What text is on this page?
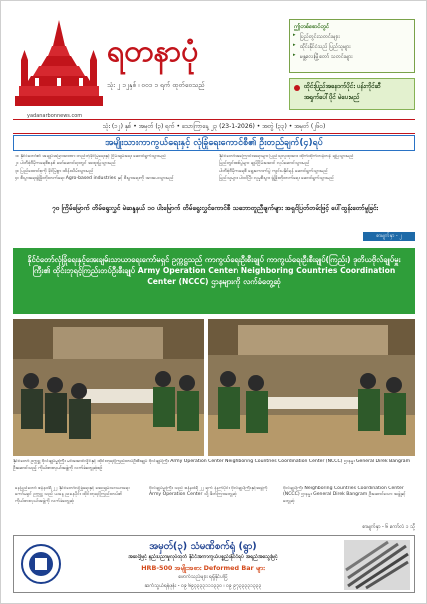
ရတနာပုံ
သုံး ၂ ၁၂နှစ် ၊ ၀၀၁ ၁ ရက် ထုတ်ဝေသည်
yadanarbonnews.com
ဤတစ်စောင်တွင်
▸ ပြည်တွင်းသတင်းများ
▸ ထိုင်းနိုင်ငံသည် ပြည်သူများ
▸ မန္တလေးမြို့တော် သတင်းများ
ထိုင်းပြည်အနောက်ပိုင်း ပန်းကိုင်ဆီ
အရှက်ပေါ်ပိုင် မဲပေးမည်
သုံး (၁၂) နှစ် • အမှတ် (၃) ရက် • သောကြာနေ့ ၂၃ (23-1-2026) • အတွဲ (၃၃) • အမှတ် (၂၆၀)
အမျိုးသားကာကွယ်ရေးနှင့် လုံခြုံရေးကောင်စီ၏ ဦးတည်ချက်(၄)ရပ်

၁။ နိုင်ငံတော်၏ အချုပ်အခြာအာဏာ တည်တံ့ခိုင်မြဲရေးနှင့် ငြိမ်းချမ်းရေး ဆောင်ရွက်သွားမည်

၂။ ပါတီစုံဒီမိုကရေစီစနစ် ဖော်ဆောင်ရာတွင် အထူးပြုသွားမည်

၃။ ပြည်ထောင်စုကို ခိုင်မြဲစွာ ထိန်းသိမ်းသွားမည်

၄။ စီးပွားရေးဖွံ့ဖြိုးတိုးတက်ရေး Agro-based industries နှင့် စီးပွားရေးကို အားပေးသွားမည်

နိုင်ငံတော်အကြောင်းအရာများ ပြည်သူလူထုအား ထိုက်ထိုက်တန်တန် ချပြသွားမည်

ပြည်တွင်းစစ်ပွဲများ ချုပ်ငြိမ်းအောင် လုပ်ဆောင်သွားမည်

ပါတီစုံဒီမိုကရေစီ ရွေးကောက်ပွဲ ကျင်းပနိုင်ရန် ဆောင်ရွက်သွားမည်

ပြည်သူများ ပါဝင်ပြီး လူမှုစီးပွား ဖွံ့ဖြိုးတိုးတက်ရေး ဆောင်ရွက်သွားမည်

၇၀ ကြိမ်မြောက် တိမ်ရွေးလွှင် မဲဆန္ဒနယ် ၁၀ ပါးမြောက် တိမ်ရွေးလွှင်ကောင်စီ သဘောတူညီချက်များ အရှင်ပြတ်တမ်းဖြင့် ပေါ်ထွန်းတော်မူခြင်း
စာမျက်နှာ - ၂
နိုင်ငံတော်လုံခြုံရေးနှင့်အေးချမ်းသာယာရေးကော်မရှင် ဥက္ကဋ္ဌသည် ကာကွယ်ရေးဦးစီးချုပ် ကာကွယ်ရေးဦးစီးချုပ်(ကြည်း) ဒုတိယဗိုလ်ချုပ်မှူးကြီး၏ ထိုင်းဘုရင့်ကြည်းတပ်ဦးစီးချုပ် Army Operation Center၊ Neighboring Countries Coordination Center (NCCC) ဌာနများကို လက်ခံတွေ့ဆုံ
နိုင်ငံတော် ဥက္ကဋ္ဌ ဗိုလ်ချုပ်မှူးကြီး မင်းအောင်လှိုင်နှင့် ထိုင်းဘုရင့်ကြည်းတပ်ဦးစီးချုပ် ဗိုလ်ချုပ်ကြီး Army Operation Center Neighboring Countries Coordination Center (NCCC) ဌာနမှူး General Direk Bangram ဦးဆောင်သည့် ကိုယ်စားလှယ်အဖွဲ့ကို လက်ခံတွေ့ဆုံစဉ်
နေပြည်တော် ဇန်နဝါရီ ၂၂ နိုင်ငံတော်လုံခြုံရေးနှင့် အေးချမ်းသာယာရေးကော်မရှင် ဥက္ကဋ္ဌ သည် ယနေ့ ညနေပိုင်း ထိုင်းဘုရင့်ကြည်းတပ်၏ ကိုယ်စားလှယ်အဖွဲ့ကို လက်ခံတွေ့ဆုံ
ဗိုလ်ချုပ်မှူးကြီး သည် ဇန်နဝါရီ ၂၂ ရက် နံနက်ပိုင်း ဗိုလ်ချုပ်ကြီးနှင့်အဖွဲ့ကို Army Operation Center သို့ ဖိတ်ကြားတွေ့ဆုံ
ဗိုလ်ချုပ်ကြီး Neighboring Countries Coordination Center (NCCC) ဌာနမှူး General Direk Bangram ဦးဆောင်သော အဖွဲ့နှင့် တွေ့ဆုံ
စာမျက်နှာ - ၆ ကော်လံ ၁ သို့
အမှတ်(၃) သံမဏိစက်ရုံ (ရွာ)
အဆင့်မြင့် နည်းပညာမှုလုပ်ထုတ် နိုင်ငံအကာကွယ်ပစ္စည်းနိုင်ငံရပ် အရည်အသွေးမြင့်
HRB-500 အမျိုးအစား Deformed Bar များ
ဖောက်သည်များ ရရှိနိုင်ပါပြီ
ဆက်သွယ်ရန်ဖုန်း - ၀၉ ၆၉၃၃၃၃၁၁၁၃၃၀ ၊ ၀၉ ၉၇၃၃၃၃၁၃၃၃
